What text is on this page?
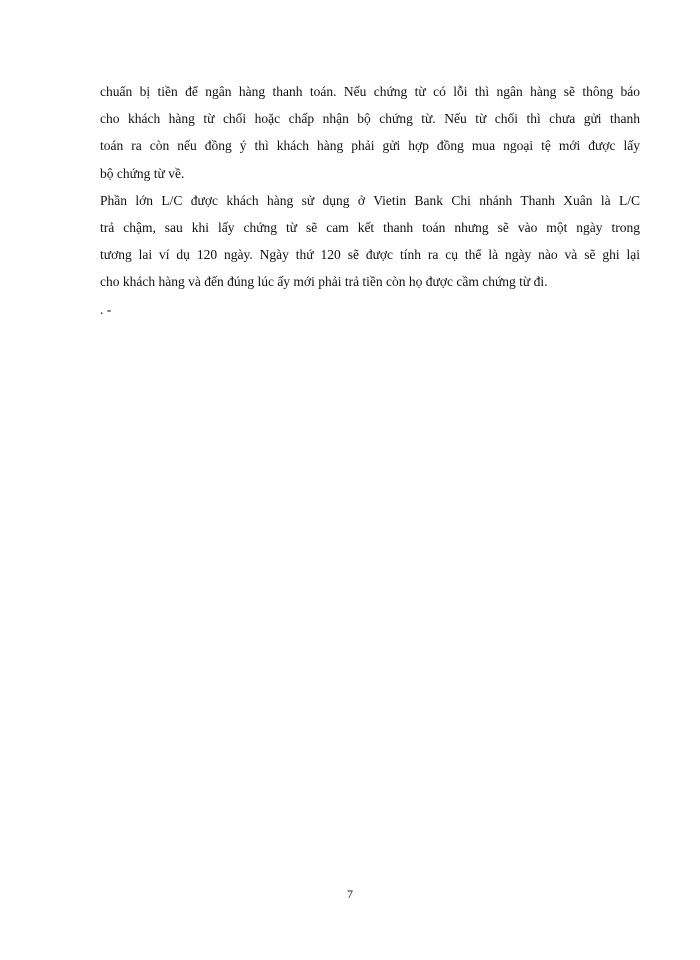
chuẩn bị tiền để ngân hàng thanh toán. Nếu chứng từ có lỗi thì ngân hàng sẽ thông báo
cho khách hàng từ chối hoặc chấp nhận bộ chứng từ. Nếu từ chối thì chưa gửi thanh
toán ra còn nếu đồng ý thì khách hàng phải gửi hợp đồng mua ngoại tệ mới được lấy
bộ chứng từ về.
Phần lớn L/C được khách hàng sử dụng ở Vietin Bank Chi nhánh Thanh Xuân là L/C
trả chậm, sau khi lấy chứng từ sẽ cam kết thanh toán nhưng sẽ vào một ngày trong
tương lai ví dụ 120 ngày. Ngày thứ 120 sẽ được tính ra cụ thể là ngày nào và sẽ ghi lại
cho khách hàng và đến đúng lúc ấy mới phải trả tiền còn họ được cầm chứng từ đi.
. -
7
